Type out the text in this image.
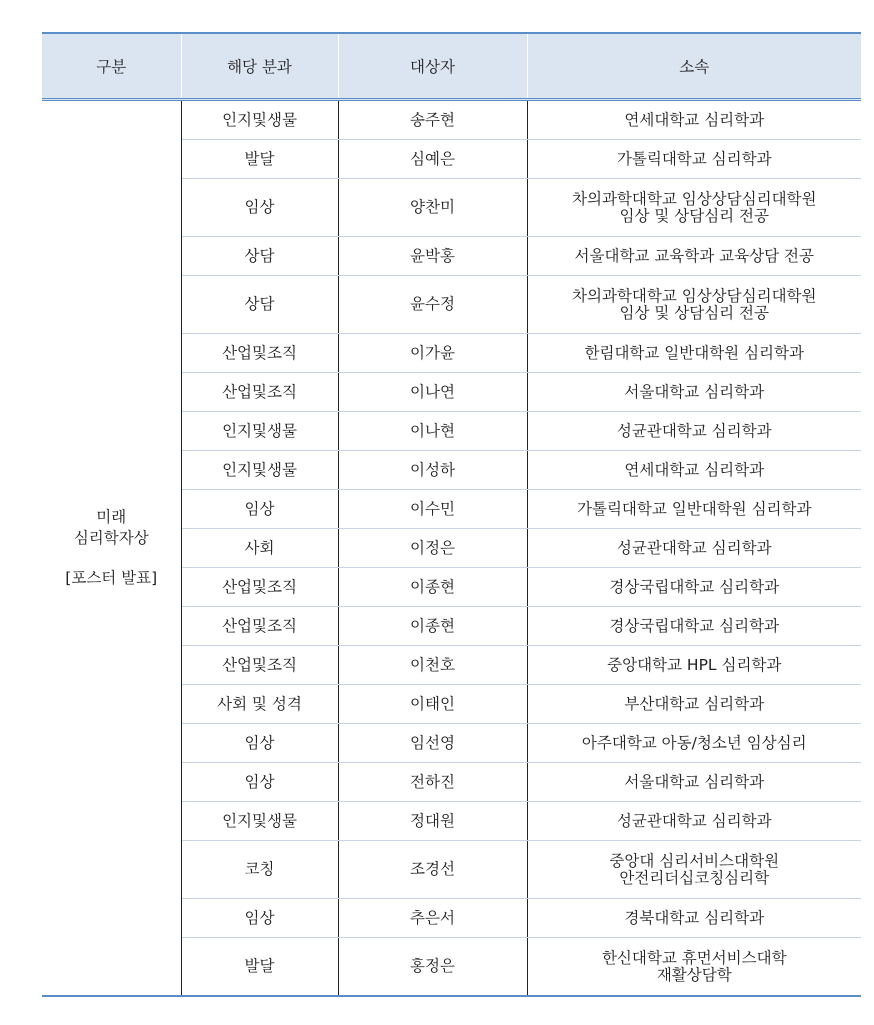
구분	해당 분과	대상자	소속

미래
심리학자상
[포스터 발표]	인지및생물	송주현	연세대학교 심리학과

	발달	심예은	가톨릭대학교 심리학과

	임상	양찬미	차의과학대학교 임상상담심리대학원
임상 및 상담심리 전공

	상담	윤박홍	서울대학교 교육학과 교육상담 전공

	상담	윤수정	차의과학대학교 임상상담심리대학원
임상 및 상담심리 전공

	산업및조직	이가윤	한림대학교 일반대학원 심리학과

	산업및조직	이나연	서울대학교 심리학과

	인지및생물	이나현	성균관대학교 심리학과

	인지및생물	이성하	연세대학교 심리학과

	임상	이수민	가톨릭대학교 일반대학원 심리학과

	사회	이정은	성균관대학교 심리학과

	산업및조직	이종현	경상국립대학교 심리학과

	산업및조직	이종현	경상국립대학교 심리학과

	산업및조직	이천호	중앙대학교 HPL 심리학과

	사회 및 성격	이태인	부산대학교 심리학과

	임상	임선영	아주대학교 아동/청소년 임상심리

	임상	전하진	서울대학교 심리학과

	인지및생물	정대원	성균관대학교 심리학과

	코칭	조경선	중앙대 심리서비스대학원
안전리더십코칭심리학

	임상	추은서	경북대학교 심리학과

	발달	홍정은	한신대학교 휴먼서비스대학
재활상담학
